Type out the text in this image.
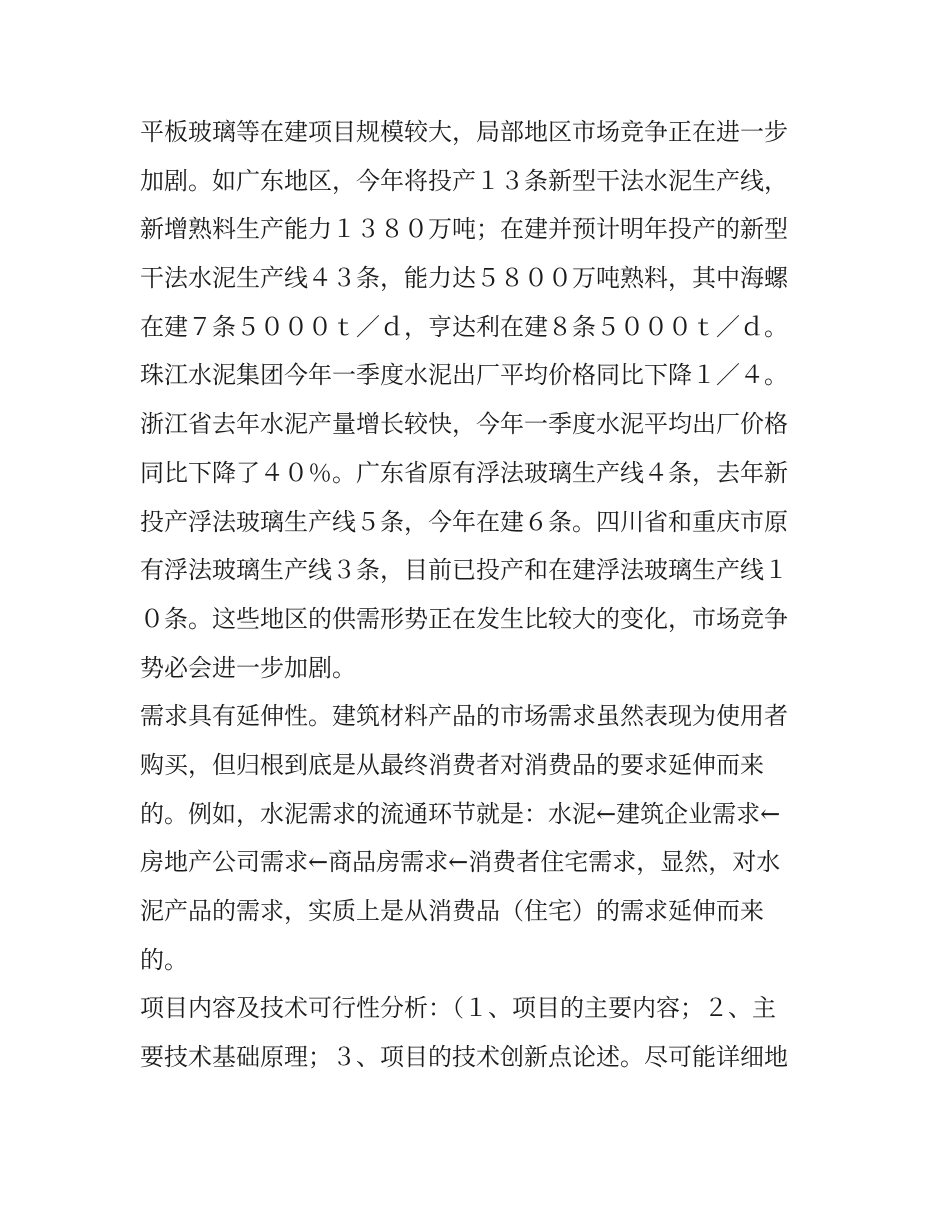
平板玻璃等在建项目规模较大，局部地区市场竞争正在进一步
加剧。如广东地区，今年将投产１３条新型干法水泥生产线，
新增熟料生产能力１３８０万吨；在建并预计明年投产的新型
干法水泥生产线４３条，能力达５８００万吨熟料，其中海螺
在建７条５０００ｔ／ｄ，亨达利在建８条５０００ｔ／ｄ。
珠江水泥集团今年一季度水泥出厂平均价格同比下降１／４。
浙江省去年水泥产量增长较快，今年一季度水泥平均出厂价格
同比下降了４０％。广东省原有浮法玻璃生产线４条，去年新
投产浮法玻璃生产线５条，今年在建６条。四川省和重庆市原
有浮法玻璃生产线３条，目前已投产和在建浮法玻璃生产线１
０条。这些地区的供需形势正在发生比较大的变化，市场竞争
势必会进一步加剧。
需求具有延伸性。建筑材料产品的市场需求虽然表现为使用者
购买，但归根到底是从最终消费者对消费品的要求延伸而来
的。例如，水泥需求的流通环节就是：水泥←建筑企业需求←
房地产公司需求←商品房需求←消费者住宅需求，显然，对水
泥产品的需求，实质上是从消费品（住宅）的需求延伸而来
的。
项目内容及技术可行性分析：（１、项目的主要内容；２、主
要技术基础原理；３、项目的技术创新点论述。尽可能详细地
